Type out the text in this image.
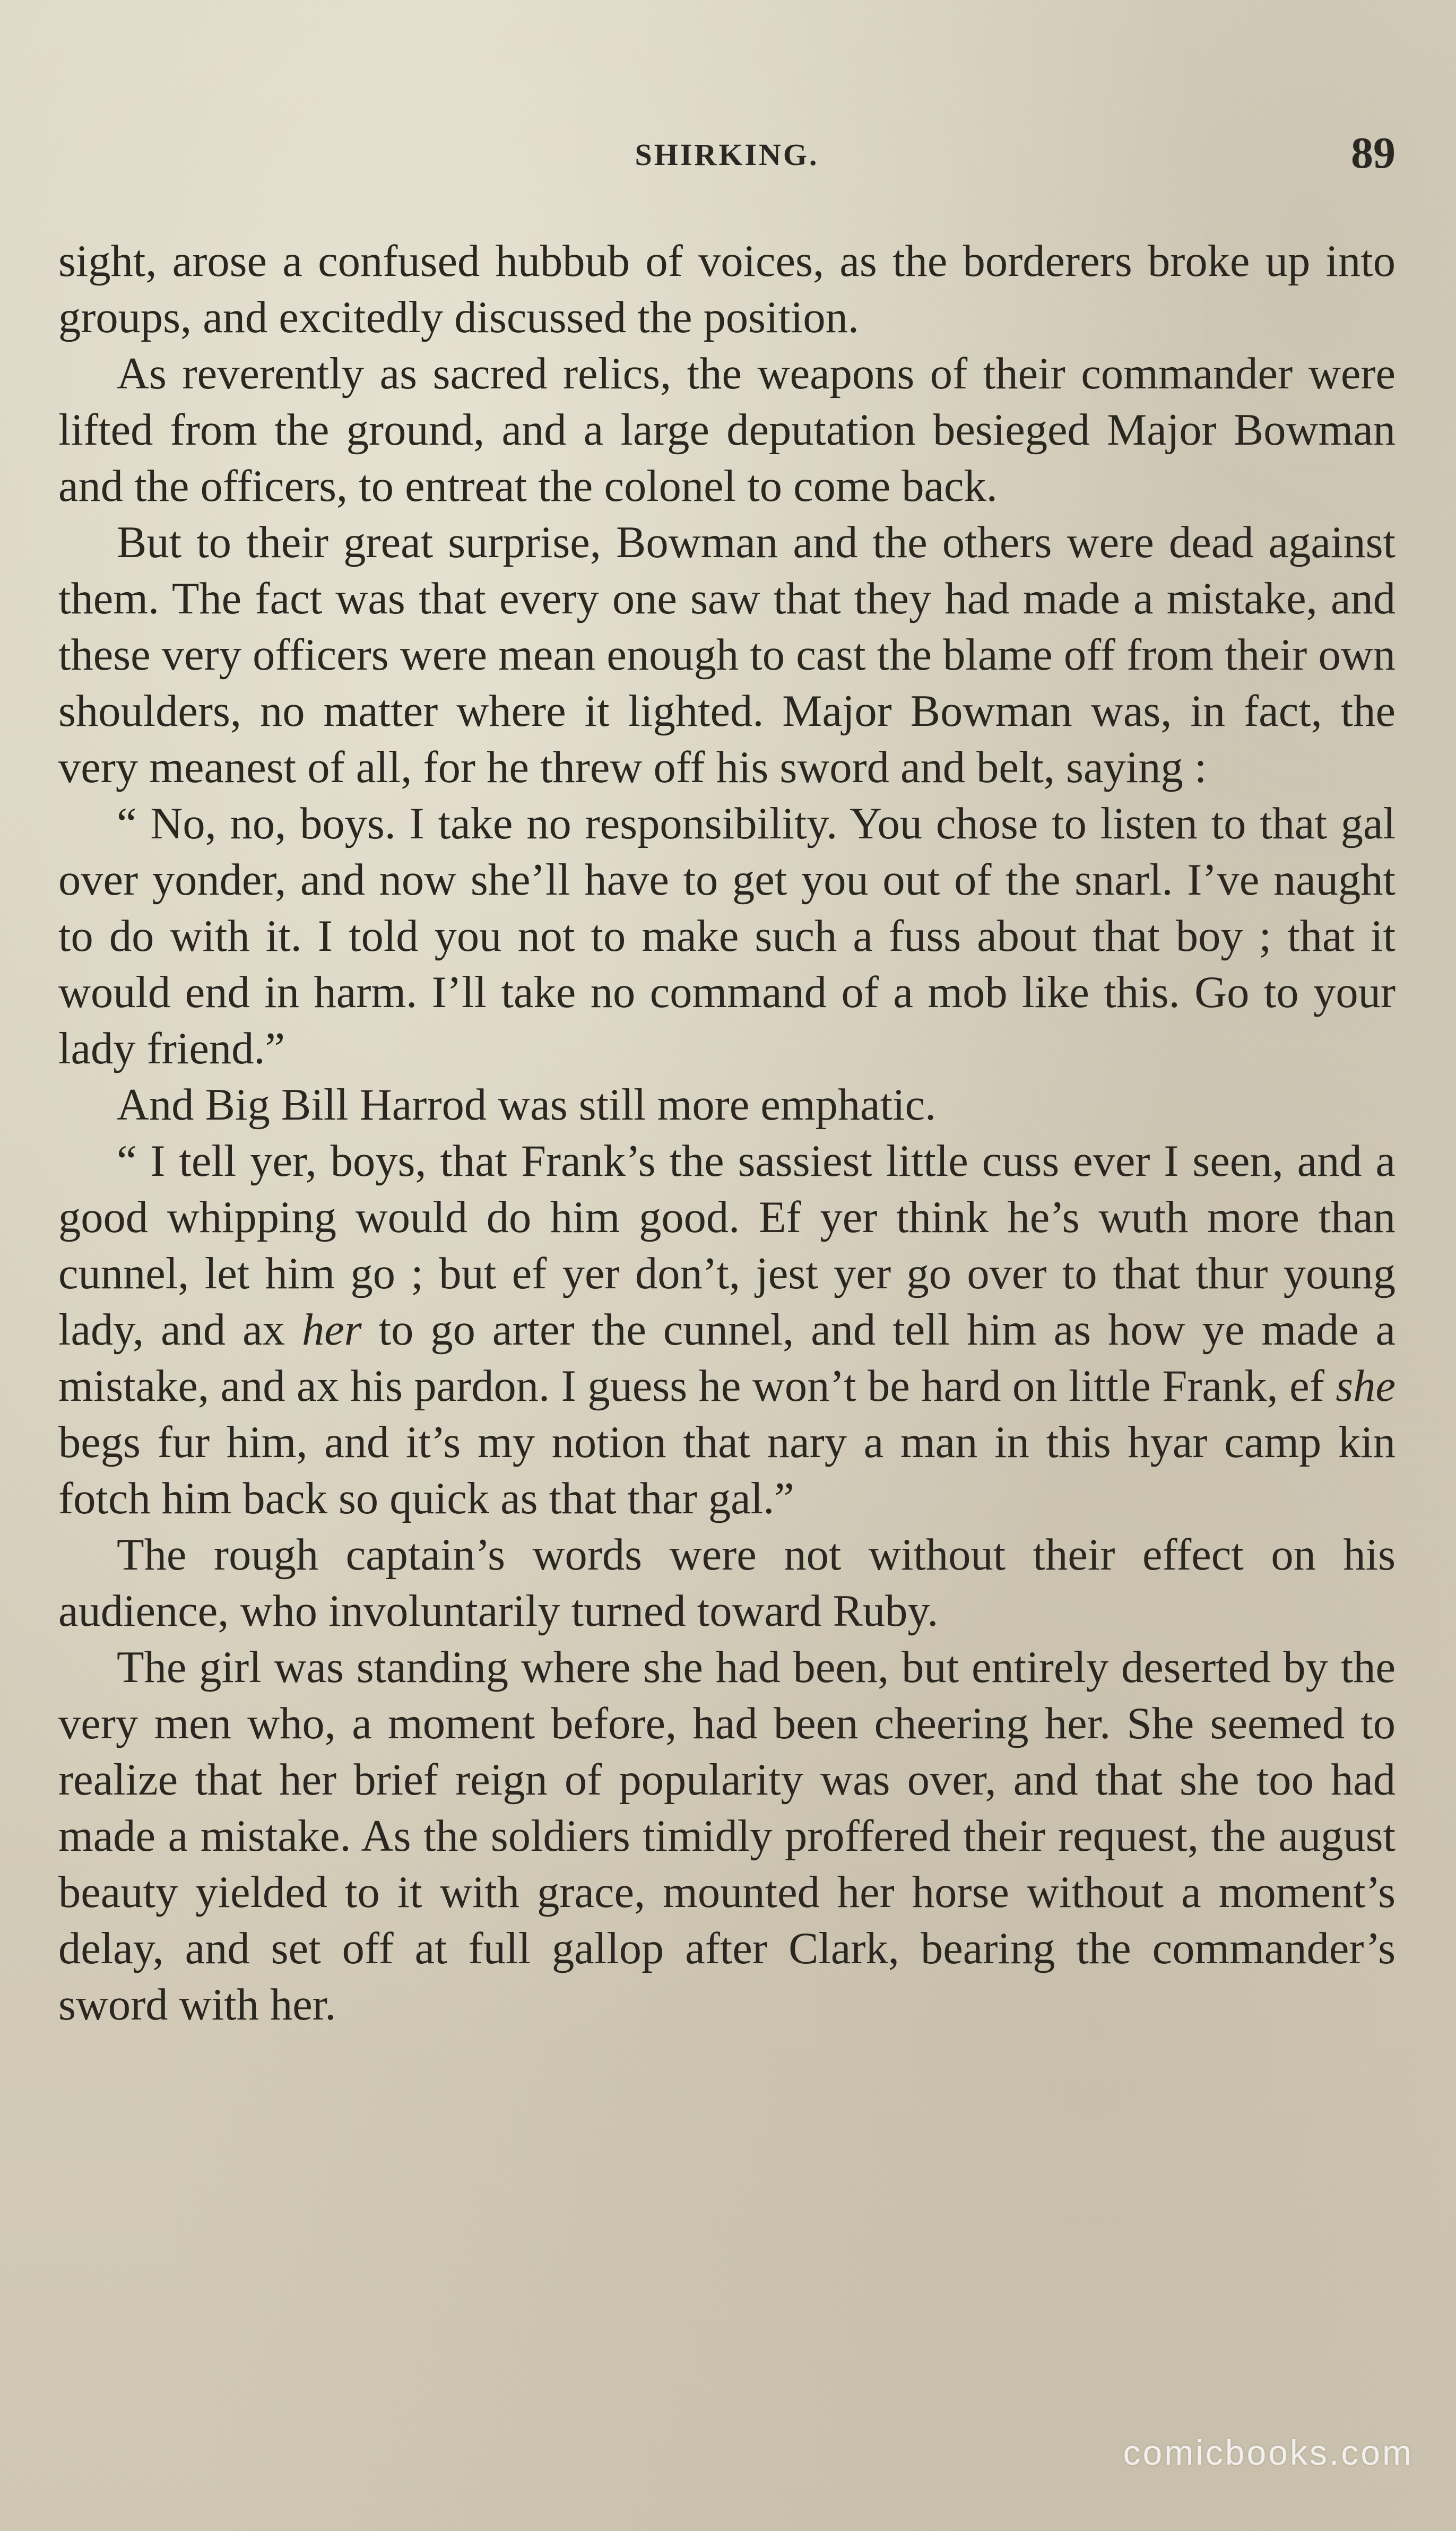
SHIRKING.	89

sight, arose a confused hubbub of voices, as the borderers broke up into groups, and excitedly discussed the position.

As reverently as sacred relics, the weapons of their commander were lifted from the ground, and a large deputation besieged Major Bowman and the officers, to entreat the colonel to come back.

But to their great surprise, Bowman and the others were dead against them. The fact was that every one saw that they had made a mistake, and these very officers were mean enough to cast the blame off from their own shoulders, no matter where it lighted. Major Bowman was, in fact, the very meanest of all, for he threw off his sword and belt, saying :

“ No, no, boys. I take no responsibility. You chose to listen to that gal over yonder, and now she’ll have to get you out of the snarl. I’ve naught to do with it. I told you not to make such a fuss about that boy ; that it would end in harm. I’ll take no command of a mob like this. Go to your lady friend.”

And Big Bill Harrod was still more emphatic.

“ I tell yer, boys, that Frank’s the sassiest little cuss ever I seen, and a good whipping would do him good. Ef yer think he’s wuth more than cunnel, let him go ; but ef yer don’t, jest yer go over to that thur young lady, and ax her to go arter the cunnel, and tell him as how ye made a mistake, and ax his pardon. I guess he won’t be hard on little Frank, ef she begs fur him, and it’s my notion that nary a man in this hyar camp kin fotch him back so quick as that thar gal.”

The rough captain’s words were not without their effect on his audience, who involuntarily turned toward Ruby.

The girl was standing where she had been, but entirely deserted by the very men who, a moment before, had been cheering her. She seemed to realize that her brief reign of popularity was over, and that she too had made a mistake. As the soldiers timidly proffered their request, the august beauty yielded to it with grace, mounted her horse without a moment’s delay, and set off at full gallop after Clark, bearing the commander’s sword with her.

comicbooks.com
